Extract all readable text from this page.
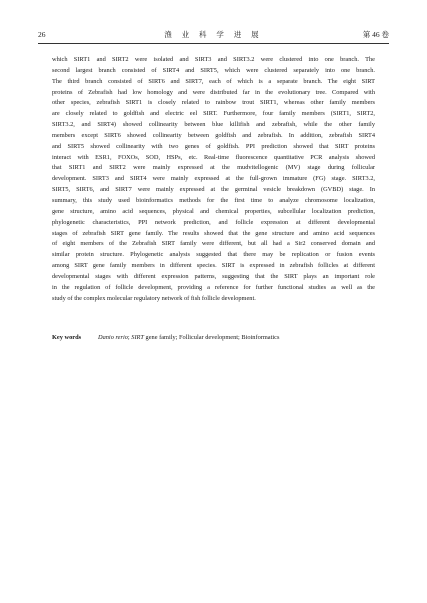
26	渔 业 科 学 进 展	第 46 卷
which SIRT1 and SIRT2 were isolated and SIRT3 and SIRT3.2 were clustered into one branch. The
second largest branch consisted of SIRT4 and SIRT5, which were clustered separately into one branch.
The third branch consisted of SIRT6 and SIRT7, each of which is a separate branch. The eight SIRT
proteins of Zebrafish had low homology and were distributed far in the evolutionary tree. Compared with
other species, zebrafish SIRT1 is closely related to rainbow trout SIRT1, whereas other family members
are closely related to goldfish and electric eel SIRT. Furthermore, four family members (SIRT1, SIRT2,
SIRT3.2, and SIRT4) showed collinearity between blue killifish and zebrafish, while the other family
members except SIRT6 showed collinearity between goldfish and zebrafish. In addition, zebrafish SIRT4
and SIRT5 showed collinearity with two genes of goldfish. PPI prediction showed that SIRT proteins
interact with ESR1, FOXOs, SOD, HSPs, etc. Real-time fluorescence quantitative PCR analysis showed
that SIRT1 and SIRT2 were mainly expressed at the mudvitellogenic (MV) stage during follicular
development. SIRT3 and SIRT4 were mainly expressed at the full-grown immature (FG) stage. SIRT3.2,
SIRT5, SIRT6, and SIRT7 were mainly expressed at the germinal vesicle breakdown (GVBD) stage. In
summary, this study used bioinformatics methods for the first time to analyze chromosome localization,
gene structure, amino acid sequences, physical and chemical properties, subcellular localization prediction,
phylogenetic characteristics, PPI network prediction, and follicle expression at different developmental
stages of zebrafish SIRT gene family. The results showed that the gene structure and amino acid sequences
of eight members of the Zebrafish SIRT family were different, but all had a Sir2 conserved domain and
similar protein structure. Phylogenetic analysis suggested that there may be replication or fusion events
among SIRT gene family members in different species. SIRT is expressed in zebrafish follicles at different
developmental stages with different expression patterns, suggesting that the SIRT plays an important role
in the regulation of follicle development, providing a reference for further functional studies as well as the
study of the complex molecular regulatory network of fish follicle development.
Key words	Danio rerio; SIRT gene family; Follicular development; Bioinformatics
